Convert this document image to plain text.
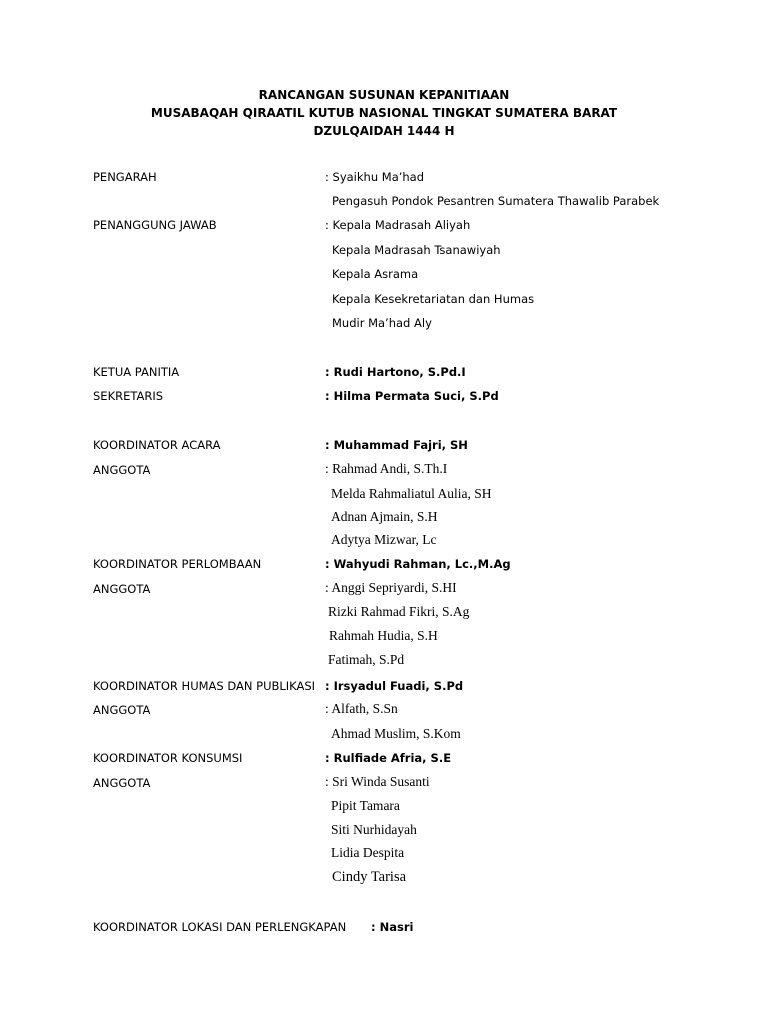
RANCANGAN SUSUNAN KEPANITIAAN
MUSABAQAH QIRAATIL KUTUB NASIONAL TINGKAT SUMATERA BARAT
DZULQAIDAH 1444 H
PENGARAH	: Syaikhu Ma’had
Pengasuh Pondok Pesantren Sumatera Thawalib Parabek
PENANGGUNG JAWAB	: Kepala Madrasah Aliyah
Kepala Madrasah Tsanawiyah
Kepala Asrama
Kepala Kesekretariatan dan Humas
Mudir Ma’had Aly
KETUA PANITIA	: Rudi Hartono, S.Pd.I
SEKRETARIS	: Hilma Permata Suci, S.Pd
KOORDINATOR ACARA	: Muhammad Fajri, SH
ANGGOTA	: Rahmad Andi, S.Th.I
Melda Rahmaliatul Aulia, SH
Adnan Ajmain, S.H
Adytya Mizwar, Lc
KOORDINATOR PERLOMBAAN	: Wahyudi Rahman, Lc.,M.Ag
ANGGOTA	: Anggi Sepriyardi, S.HI
Rizki Rahmad Fikri, S.Ag
Rahmah Hudia, S.H
Fatimah, S.Pd
KOORDINATOR HUMAS DAN PUBLIKASI : Irsyadul Fuadi, S.Pd
ANGGOTA	: Alfath, S.Sn
Ahmad Muslim, S.Kom
KOORDINATOR KONSUMSI	: Rulfiade Afria, S.E
ANGGOTA	: Sri Winda Susanti
Pipit Tamara
Siti Nurhidayah
Lidia Despita
Cindy Tarisa
KOORDINATOR LOKASI DAN PERLENGKAPAN : Nasri
